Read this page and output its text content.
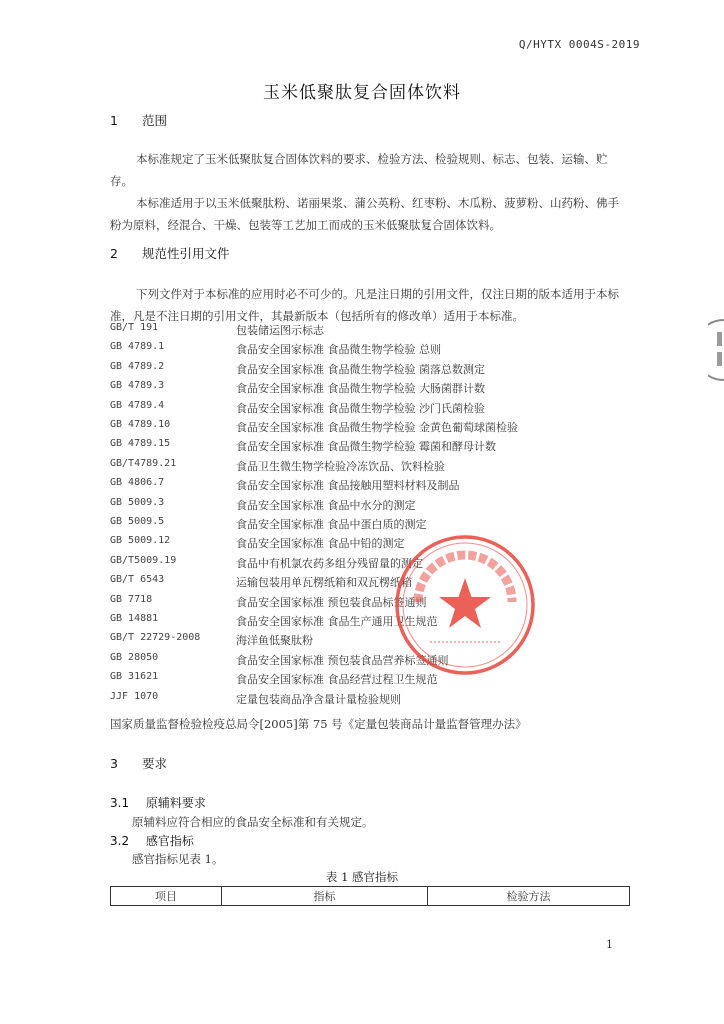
Q/HYTX 0004S-2019
玉米低聚肽复合固体饮料
1 范围

本标准规定了玉米低聚肽复合固体饮料的要求、检验方法、检验规则、标志、包装、运输、贮存。

本标准适用于以玉米低聚肽粉、诺丽果浆、蒲公英粉、红枣粉、木瓜粉、菠萝粉、山药粉、佛手粉为原料，经混合、干燥、包装等工艺加工而成的玉米低聚肽复合固体饮料。

2 规范性引用文件

下列文件对于本标准的应用时必不可少的。凡是注日期的引用文件，仅注日期的版本适用于本标准，凡是不注日期的引用文件，其最新版本（包括所有的修改单）适用于本标准。

GB/T 191	包装储运图示标志
GB 4789.1	食品安全国家标准 食品微生物学检验 总则
GB 4789.2	食品安全国家标准 食品微生物学检验 菌落总数测定
GB 4789.3	食品安全国家标准 食品微生物学检验 大肠菌群计数
GB 4789.4	食品安全国家标准 食品微生物学检验 沙门氏菌检验
GB 4789.10	食品安全国家标准 食品微生物学检验 金黄色葡萄球菌检验
GB 4789.15	食品安全国家标准 食品微生物学检验 霉菌和酵母计数
GB/T4789.21	食品卫生微生物学检验冷冻饮品、饮料检验
GB 4806.7	食品安全国家标准 食品接触用塑料材料及制品
GB 5009.3	食品安全国家标准 食品中水分的测定
GB 5009.5	食品安全国家标准 食品中蛋白质的测定
GB 5009.12	食品安全国家标准 食品中铅的测定
GB/T5009.19	食品中有机氯农药多组分残留量的测定
GB/T 6543	运输包装用单瓦楞纸箱和双瓦楞纸箱
GB 7718	食品安全国家标准 预包装食品标签通则
GB 14881	食品安全国家标准 食品生产通用卫生规范
GB/T 22729-2008	海洋鱼低聚肽粉
GB 28050	食品安全国家标准 预包装食品营养标签通则
GB 31621	食品安全国家标准 食品经营过程卫生规范
JJF 1070	定量包装商品净含量计量检验规则
国家质量监督检验检疫总局令[2005]第 75 号《定量包装商品计量监督管理办法》
3 要求
3.1 原辅料要求
原辅料应符合相应的食品安全标准和有关规定。
3.2 感官指标
感官指标见表 1。
表 1 感官指标
项目	指标	检验方法
1
